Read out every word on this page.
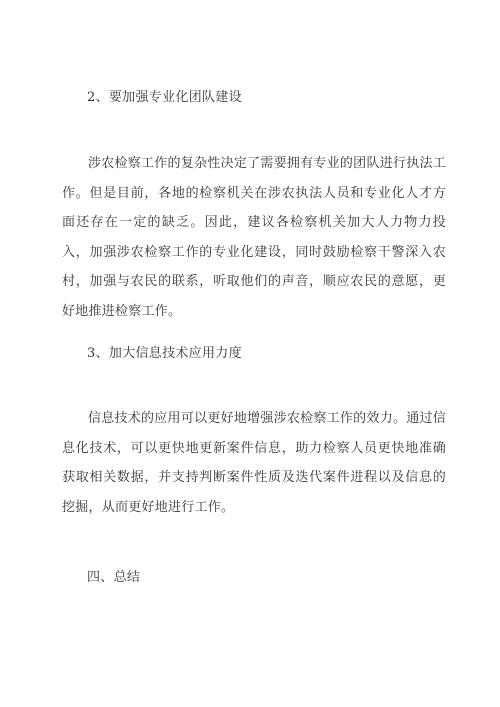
2、要加强专业化团队建设
涉农检察工作的复杂性决定了需要拥有专业的团队进行执法工作。但是目前，各地的检察机关在涉农执法人员和专业化人才方面还存在一定的缺乏。因此，建议各检察机关加大人力物力投入，加强涉农检察工作的专业化建设，同时鼓励检察干警深入农村，加强与农民的联系，听取他们的声音，顺应农民的意愿，更好地推进检察工作。
3、加大信息技术应用力度
信息技术的应用可以更好地增强涉农检察工作的效力。通过信息化技术，可以更快地更新案件信息，助力检察人员更快地准确获取相关数据，并支持判断案件性质及迭代案件进程以及信息的挖掘，从而更好地进行工作。
四、总结
